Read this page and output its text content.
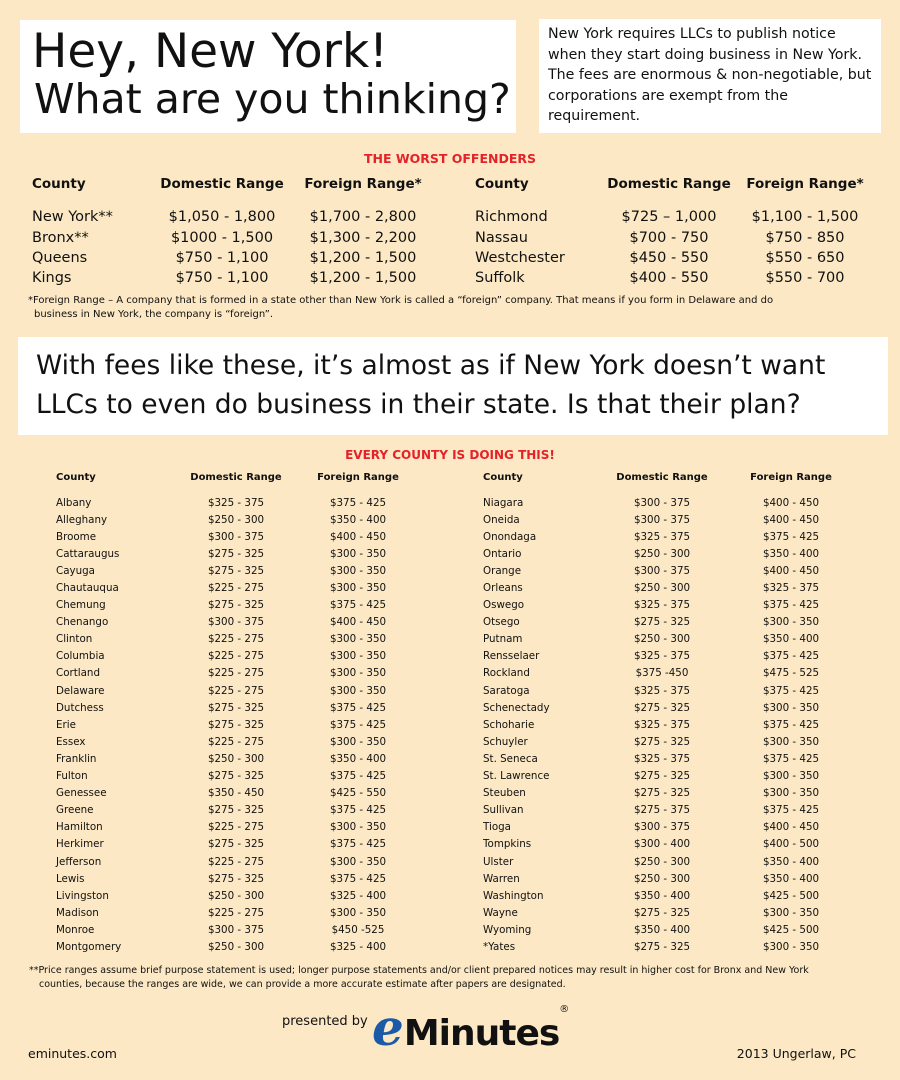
Hey, New York!
What are you thinking?

New York requires LLCs to publish notice when they start doing business in New York. The fees are enormous & non-negotiable, but corporations are exempt from the requirement.

THE WORST OFFENDERS
County	Domestic Range	Foreign Range*

New York**	$1,050 - 1,800	$1,700 - 2,800
Bronx**	$1000 - 1,500	$1,300 - 2,200
Queens	$750 - 1,100	$1,200 - 1,500
Kings	$750 - 1,100	$1,200 - 1,500
County	Domestic Range	Foreign Range*

Richmond	$725 – 1,000	$1,100 - 1,500
Nassau	$700 - 750	$750 - 850
Westchester	$450 - 550	$550 - 650
Suffolk	$400 - 550	$550 - 700
*Foreign Range – A company that is formed in a state other than New York is called a “foreign” company. That means if you form in Delaware and do
business in New York, the company is “foreign”.

With fees like these, it’s almost as if New York doesn’t want
LLCs to even do business in their state. Is that their plan?

EVERY COUNTY IS DOING THIS!
County	Domestic Range	Foreign Range
Albany	$325 - 375	$375 - 425
Alleghany	$250 - 300	$350 - 400
Broome	$300 - 375	$400 - 450
Cattaraugus	$275 - 325	$300 - 350
Cayuga	$275 - 325	$300 - 350
Chautauqua	$225 - 275	$300 - 350
Chemung	$275 - 325	$375 - 425
Chenango	$300 - 375	$400 - 450
Clinton	$225 - 275	$300 - 350
Columbia	$225 - 275	$300 - 350
Cortland	$225 - 275	$300 - 350
Delaware	$225 - 275	$300 - 350
Dutchess	$275 - 325	$375 - 425
Erie	$275 - 325	$375 - 425
Essex	$225 - 275	$300 - 350
Franklin	$250 - 300	$350 - 400
Fulton	$275 - 325	$375 - 425
Genessee	$350 - 450	$425 - 550
Greene	$275 - 325	$375 - 425
Hamilton	$225 - 275	$300 - 350
Herkimer	$275 - 325	$375 - 425
Jefferson	$225 - 275	$300 - 350
Lewis	$275 - 325	$375 - 425
Livingston	$250 - 300	$325 - 400
Madison	$225 - 275	$300 - 350
Monroe	$300 - 375	$450 -525
Montgomery	$250 - 300	$325 - 400
County	Domestic Range	Foreign Range
Niagara	$300 - 375	$400 - 450
Oneida	$300 - 375	$400 - 450
Onondaga	$325 - 375	$375 - 425
Ontario	$250 - 300	$350 - 400
Orange	$300 - 375	$400 - 450
Orleans	$250 - 300	$325 - 375
Oswego	$325 - 375	$375 - 425
Otsego	$275 - 325	$300 - 350
Putnam	$250 - 300	$350 - 400
Rensselaer	$325 - 375	$375 - 425
Rockland	$375 -450	$475 - 525
Saratoga	$325 - 375	$375 - 425
Schenectady	$275 - 325	$300 - 350
Schoharie	$325 - 375	$375 - 425
Schuyler	$275 - 325	$300 - 350
St. Seneca	$325 - 375	$375 - 425
St. Lawrence	$275 - 325	$300 - 350
Steuben	$275 - 325	$300 - 350
Sullivan	$275 - 375	$375 - 425
Tioga	$300 - 375	$400 - 450
Tompkins	$300 - 400	$400 - 500
Ulster	$250 - 300	$350 - 400
Warren	$250 - 300	$350 - 400
Washington	$350 - 400	$425 - 500
Wayne	$275 - 325	$300 - 350
Wyoming	$350 - 400	$425 - 500
*Yates	$275 - 325	$300 - 350
**Price ranges assume brief purpose statement is used; longer purpose statements and/or client prepared notices may result in higher cost for Bronx and New York
counties, because the ranges are wide, we can provide a more accurate estimate after papers are designated.
presented by eMinutes®
eminutes.com	2013 Ungerlaw, PC
